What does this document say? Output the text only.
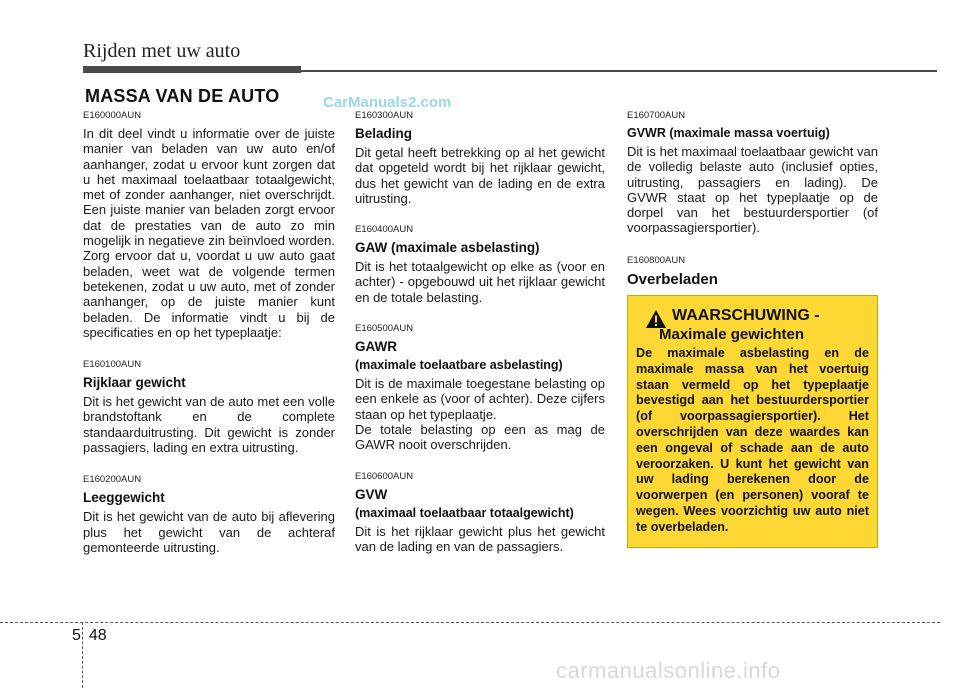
Rijden met uw auto
MASSA VAN DE AUTO	CarManuals2.com
E160000AUN

In dit deel vindt u informatie over de juiste manier van beladen van uw auto en/of aanhanger, zodat u ervoor kunt zorgen dat u het maximaal toelaatbaar totaalgewicht, met of zonder aanhanger, niet overschrijdt. Een juiste manier van beladen zorgt ervoor dat de prestaties van de auto zo min mogelijk in negatieve zin beïnvloed worden. Zorg ervoor dat u, voordat u uw auto gaat beladen, weet wat de volgende termen betekenen, zodat u uw auto, met of zonder aanhanger, op de juiste manier kunt beladen. De informatie vindt u bij de specificaties en op het typeplaatje:

E160100AUN
Rijklaar gewicht

Dit is het gewicht van de auto met een volle brandstoftank en de complete standaarduitrusting. Dit gewicht is zonder passagiers, lading en extra uitrusting.

E160200AUN
Leeggewicht

Dit is het gewicht van de auto bij aflevering plus het gewicht van de achteraf gemonteerde uitrusting.

E160300AUN
Belading

Dit getal heeft betrekking op al het gewicht dat opgeteld wordt bij het rijklaar gewicht, dus het gewicht van de lading en de extra uitrusting.

E160400AUN
GAW (maximale asbelasting)

Dit is het totaalgewicht op elke as (voor en achter) - opgebouwd uit het rijklaar gewicht en de totale belasting.

E160500AUN
GAWR
(maximale toelaatbare asbelasting)

Dit is de maximale toegestane belasting op een enkele as (voor of achter). Deze cijfers staan op het typeplaatje.

De totale belasting op een as mag de GAWR nooit overschrijden.

E160600AUN
GVW
(maximaal toelaatbaar totaalgewicht)

Dit is het rijklaar gewicht plus het gewicht van de lading en van de passagiers.

E160700AUN
GVWR (maximale massa voertuig)

Dit is het maximaal toelaatbaar gewicht van de volledig belaste auto (inclusief opties, uitrusting, passagiers en lading). De GVWR staat op het typeplaatje op de dorpel van het bestuurdersportier (of voorpassagiersportier).

E160800AUN
Overbeladen
WAARSCHUWING -
Maximale gewichten

De maximale asbelasting en de maximale massa van het voertuig staan vermeld op het typeplaatje bevestigd aan het bestuurdersportier (of voorpassagiersportier). Het overschrijden van deze waardes kan een ongeval of schade aan de auto veroorzaken. U kunt het gewicht van uw lading berekenen door de voorwerpen (en personen) vooraf te wegen. Wees voorzichtig uw auto niet te overbeladen.

5 48
carmanualsonline.info
